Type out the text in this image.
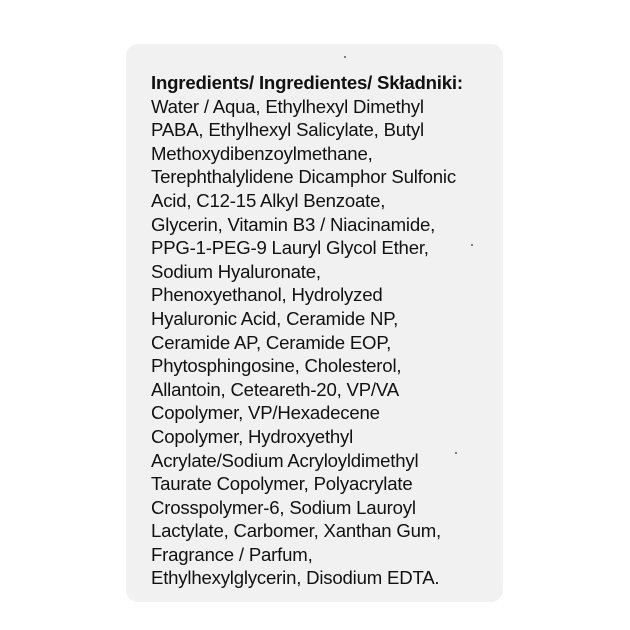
Ingredients/ Ingredientes/ Składniki:
Water / Aqua, Ethylhexyl Dimethyl
PABA, Ethylhexyl Salicylate, Butyl
Methoxydibenzoylmethane,
Terephthalylidene Dicamphor Sulfonic
Acid, C12-15 Alkyl Benzoate,
Glycerin, Vitamin B3 / Niacinamide,
PPG-1-PEG-9 Lauryl Glycol Ether,
Sodium Hyaluronate,
Phenoxyethanol, Hydrolyzed
Hyaluronic Acid, Ceramide NP,
Ceramide AP, Ceramide EOP,
Phytosphingosine, Cholesterol,
Allantoin, Ceteareth-20, VP/VA
Copolymer, VP/Hexadecene
Copolymer, Hydroxyethyl
Acrylate/Sodium Acryloyldimethyl
Taurate Copolymer, Polyacrylate
Crosspolymer-6, Sodium Lauroyl
Lactylate, Carbomer, Xanthan Gum,
Fragrance / Parfum,
Ethylhexylglycerin, Disodium EDTA.
